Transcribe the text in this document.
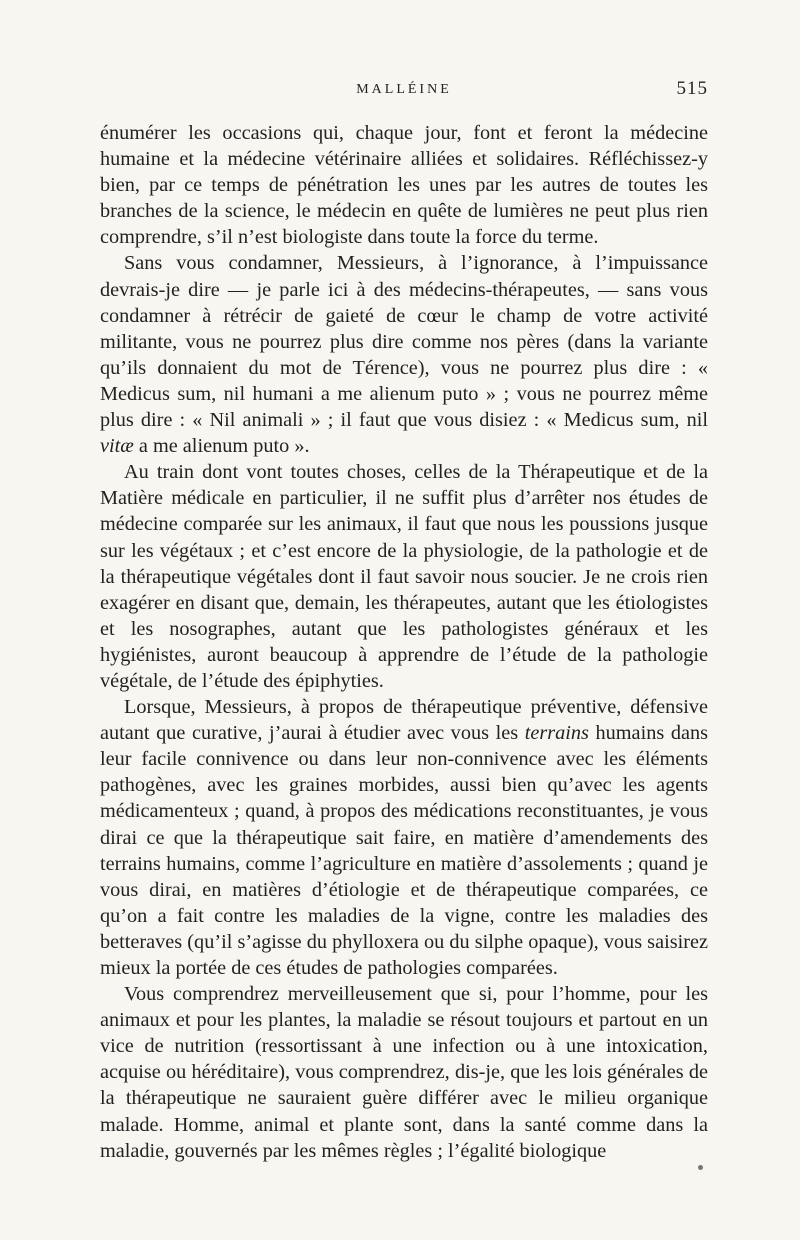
MALLÉINE	515

énumérer les occasions qui, chaque jour, font et feront la médecine humaine et la médecine vétérinaire alliées et solidaires. Réfléchissez-y bien, par ce temps de pénétration les unes par les autres de toutes les branches de la science, le médecin en quête de lumières ne peut plus rien comprendre, s’il n’est biologiste dans toute la force du terme.

Sans vous condamner, Messieurs, à l’ignorance, à l’impuissance devrais-je dire — je parle ici à des médecins-thérapeutes, — sans vous condamner à rétrécir de gaieté de cœur le champ de votre activité militante, vous ne pourrez plus dire comme nos pères (dans la variante qu’ils donnaient du mot de Térence), vous ne pourrez plus dire : « Medicus sum, nil humani a me alienum puto » ; vous ne pourrez même plus dire : « Nil animali » ; il faut que vous disiez : « Medicus sum, nil vitæ a me alienum puto ».

Au train dont vont toutes choses, celles de la Thérapeutique et de la Matière médicale en particulier, il ne suffit plus d’arrêter nos études de médecine comparée sur les animaux, il faut que nous les poussions jusque sur les végétaux ; et c’est encore de la physiologie, de la pathologie et de la thérapeutique végétales dont il faut savoir nous soucier. Je ne crois rien exagérer en disant que, demain, les thérapeutes, autant que les étiologistes et les nosographes, autant que les pathologistes généraux et les hygiénistes, auront beaucoup à apprendre de l’étude de la pathologie végétale, de l’étude des épiphyties.

Lorsque, Messieurs, à propos de thérapeutique préventive, défensive autant que curative, j’aurai à étudier avec vous les terrains humains dans leur facile connivence ou dans leur non-connivence avec les éléments pathogènes, avec les graines morbides, aussi bien qu’avec les agents médicamenteux ; quand, à propos des médications reconstituantes, je vous dirai ce que la thérapeutique sait faire, en matière d’amendements des terrains humains, comme l’agriculture en matière d’assolements ; quand je vous dirai, en matières d’étiologie et de thérapeutique comparées, ce qu’on a fait contre les maladies de la vigne, contre les maladies des betteraves (qu’il s’agisse du phylloxera ou du silphe opaque), vous saisirez mieux la portée de ces études de pathologies comparées.

Vous comprendrez merveilleusement que si, pour l’homme, pour les animaux et pour les plantes, la maladie se résout toujours et partout en un vice de nutrition (ressortissant à une infection ou à une intoxication, acquise ou héréditaire), vous comprendrez, dis-je, que les lois générales de la thérapeutique ne sauraient guère différer avec le milieu organique malade. Homme, animal et plante sont, dans la santé comme dans la maladie, gouvernés par les mêmes règles ; l’égalité biologique
